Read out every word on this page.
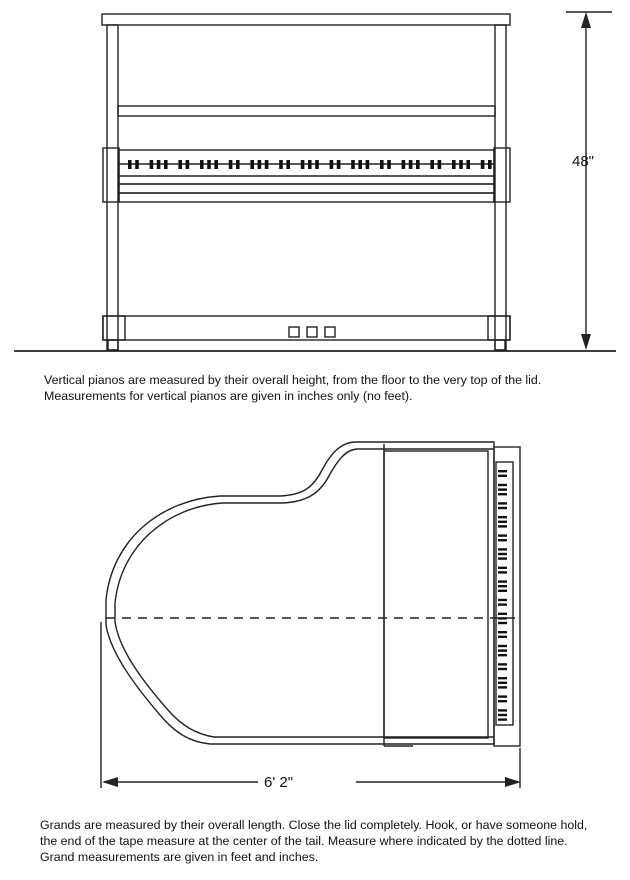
48"
6' 2"

Vertical pianos are measured by their overall height, from the floor to the very top of the lid. Measurements for vertical pianos are given in inches only (no feet).

Grands are measured by their overall length. Close the lid completely. Hook, or have someone hold, the end of the tape measure at the center of the tail. Measure where indicated by the dotted line. Grand measurements are given in feet and inches.
